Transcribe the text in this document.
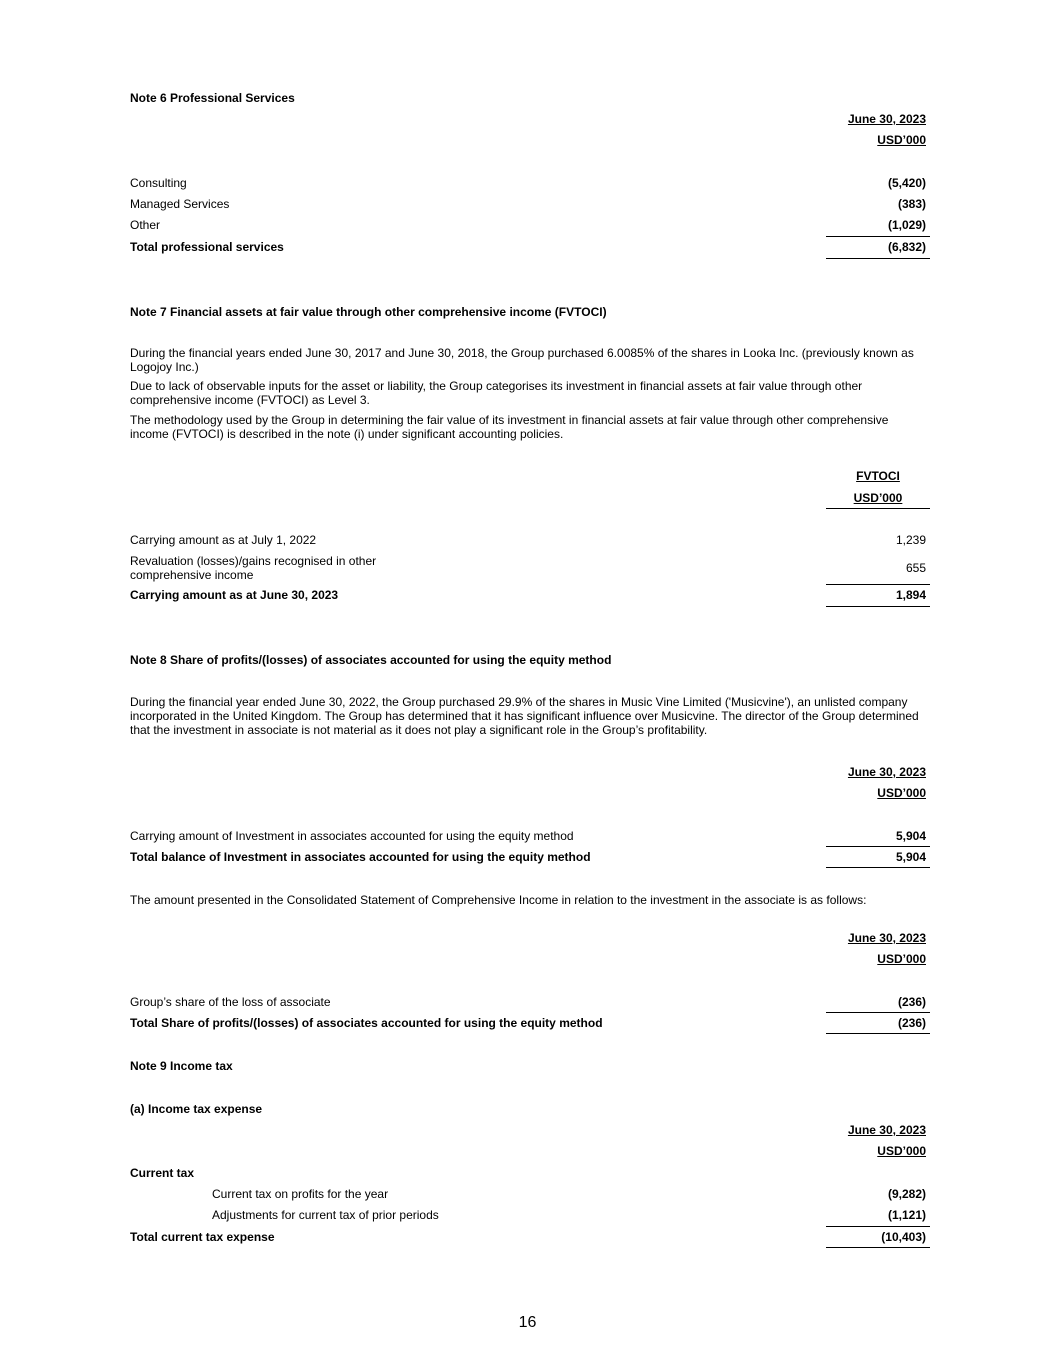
Note 6 Professional Services
June 30, 2023
USD’000
Consulting	(5,420)
Managed Services	(383)
Other	(1,029)
Total professional services	(6,832)
Note 7 Financial assets at fair value through other comprehensive income (FVTOCI)
During the financial years ended June 30, 2017 and June 30, 2018, the Group purchased 6.0085% of the shares in Looka Inc. (previously known as Logojoy Inc.)
Due to lack of observable inputs for the asset or liability, the Group categorises its investment in financial assets at fair value through other comprehensive income (FVTOCI) as Level 3.
The methodology used by the Group in determining the fair value of its investment in financial assets at fair value through other comprehensive income (FVTOCI) is described in the note (i) under significant accounting policies.
FVTOCI
USD’000
Carrying amount as at July 1, 2022	1,239
Revaluation (losses)/gains recognised in other
comprehensive income	655
Carrying amount as at June 30, 2023	1,894
Note 8 Share of profits/(losses) of associates accounted for using the equity method
During the financial year ended June 30, 2022, the Group purchased 29.9% of the shares in Music Vine Limited ('Musicvine'), an unlisted company incorporated in the United Kingdom. The Group has determined that it has significant influence over Musicvine. The director of the Group determined that the investment in associate is not material as it does not play a significant role in the Group’s profitability.
June 30, 2023
USD’000
Carrying amount of Investment in associates accounted for using the equity method	5,904
Total balance of Investment in associates accounted for using the equity method	5,904
The amount presented in the Consolidated Statement of Comprehensive Income in relation to the investment in the associate is as follows:
June 30, 2023
USD’000
Group’s share of the loss of associate	(236)
Total Share of profits/(losses) of associates accounted for using the equity method	(236)
Note 9 Income tax
(a) Income tax expense
June 30, 2023
USD’000
Current tax
Current tax on profits for the year	(9,282)
Adjustments for current tax of prior periods	(1,121)
Total current tax expense	(10,403)
16
